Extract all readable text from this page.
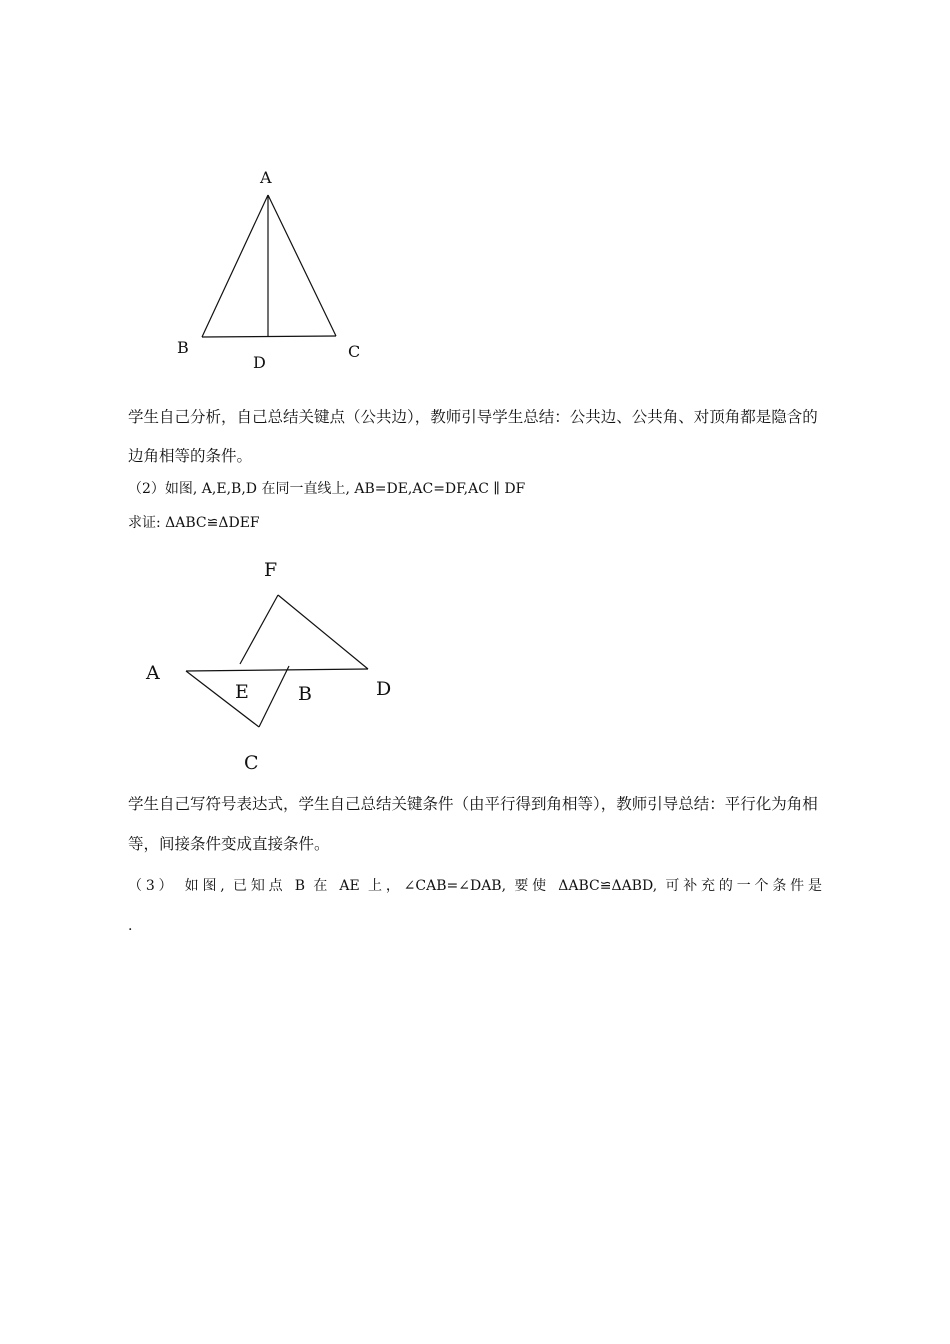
A
B	C
D

学生自己分析，自己总结关键点（公共边），教师引导学生总结：公共边、公共角、对顶角都是隐含的边角相等的条件。

（2）如图, A,E,B,D 在同一直线上, AB=DE,AC=DF,AC ∥ DF

求证: ΔABC≌ΔDEF

F
A
E	B	D
C

学生自己写符号表达式，学生自己总结关键条件（由平行得到角相等），教师引导总结：平行化为角相等，间接条件变成直接条件。

（3） 如图, 已知点 B 在 AE 上，∠CAB=∠DAB, 要使 ΔABC≌ΔABD, 可补充的一个条件是

.
